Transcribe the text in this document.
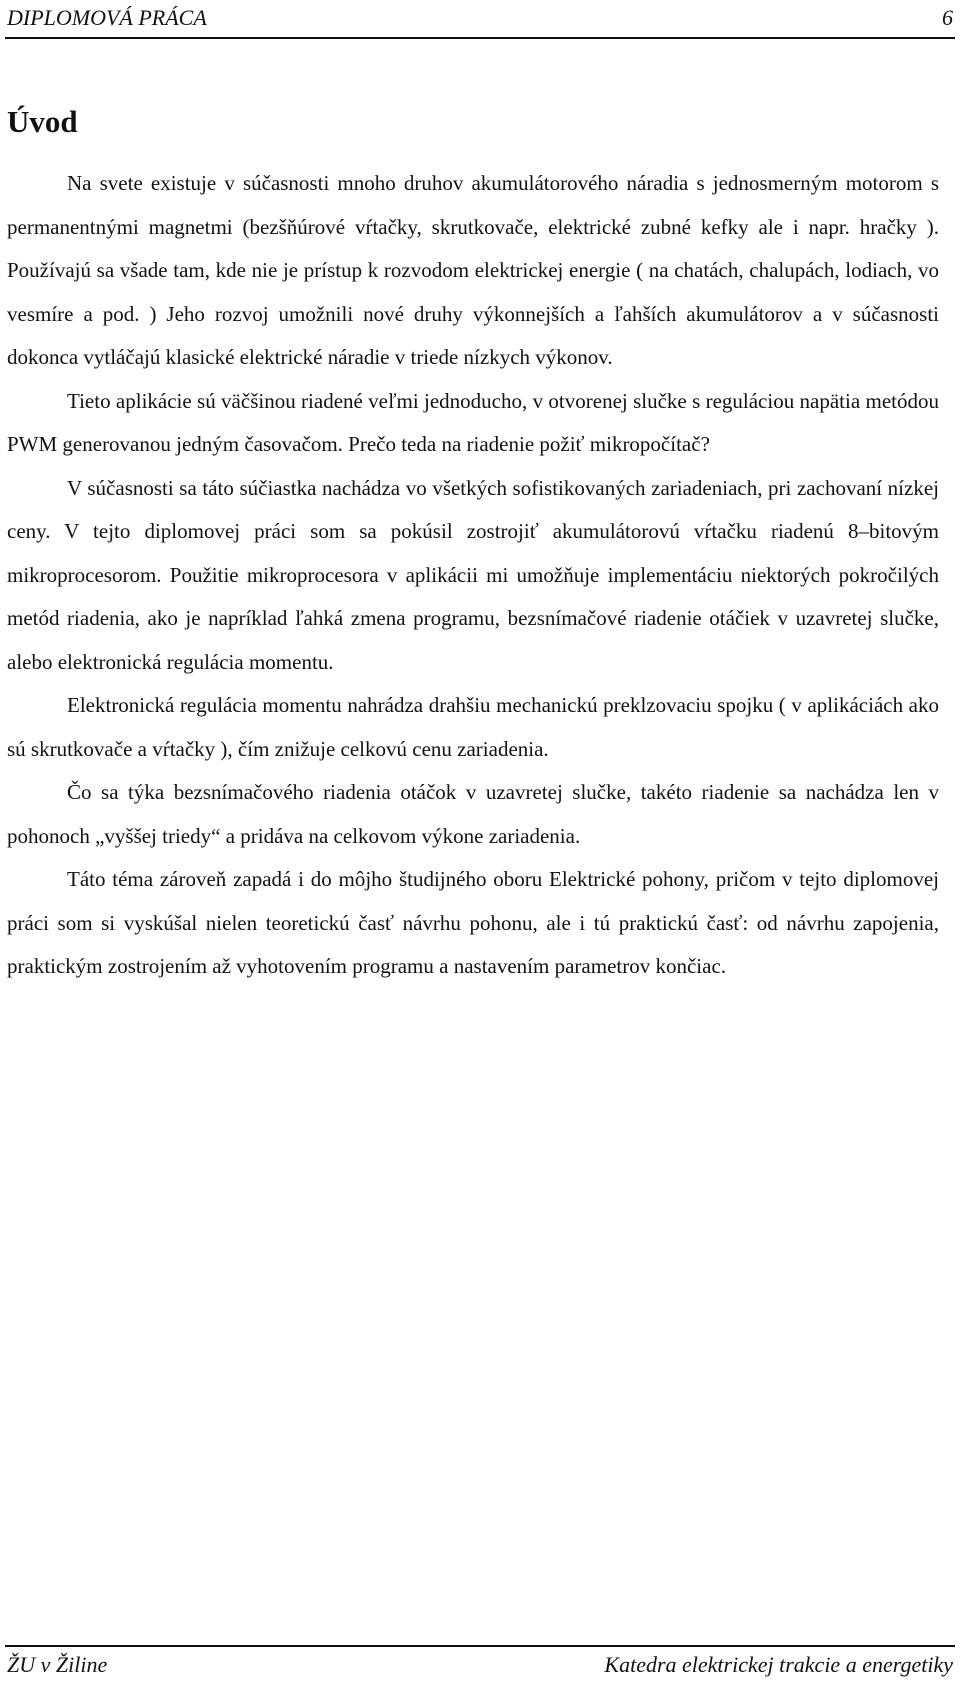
DIPLOMOVÁ PRÁCA	6
Úvod

Na svete existuje v súčasnosti mnoho druhov akumulátorového náradia s jednosmerným motorom s permanentnými magnetmi (bezšňúrové vŕtačky, skrutkovače, elektrické zubné kefky ale i napr. hračky ). Používajú sa všade tam, kde nie je prístup k rozvodom elektrickej energie ( na chatách, chalupách, lodiach, vo vesmíre a pod. ) Jeho rozvoj umožnili nové druhy výkonnejších a ľahších akumulátorov a v súčasnosti dokonca vytláčajú klasické elektrické náradie v triede nízkych výkonov.

Tieto aplikácie sú väčšinou riadené veľmi jednoducho, v otvorenej slučke s reguláciou napätia metódou PWM generovanou jedným časovačom. Prečo teda na riadenie požiť mikropočítač?

V súčasnosti sa táto súčiastka nachádza vo všetkých sofistikovaných zariadeniach, pri zachovaní nízkej ceny. V tejto diplomovej práci som sa pokúsil zostrojiť akumulátorovú vŕtačku riadenú 8–bitovým mikroprocesorom. Použitie mikroprocesora v aplikácii mi umožňuje implementáciu niektorých pokročilých metód riadenia, ako je napríklad ľahká zmena programu, bezsnímačové riadenie otáčiek v uzavretej slučke, alebo elektronická regulácia momentu.

Elektronická regulácia momentu nahrádza drahšiu mechanickú preklzovaciu spojku ( v aplikáciách ako sú skrutkovače a vŕtačky ), čím znižuje celkovú cenu zariadenia.

Čo sa týka bezsnímačového riadenia otáčok v uzavretej slučke, takéto riadenie sa nachádza len v pohonoch „vyššej triedy“ a pridáva na celkovom výkone zariadenia.

Táto téma zároveň zapadá i do môjho študijného oboru Elektrické pohony, pričom v tejto diplomovej práci som si vyskúšal nielen teoretickú časť návrhu pohonu, ale i tú praktickú časť: od návrhu zapojenia, praktickým zostrojením až vyhotovením programu a nastavením parametrov končiac.

ŽU v Žiline	Katedra elektrickej trakcie a energetiky
